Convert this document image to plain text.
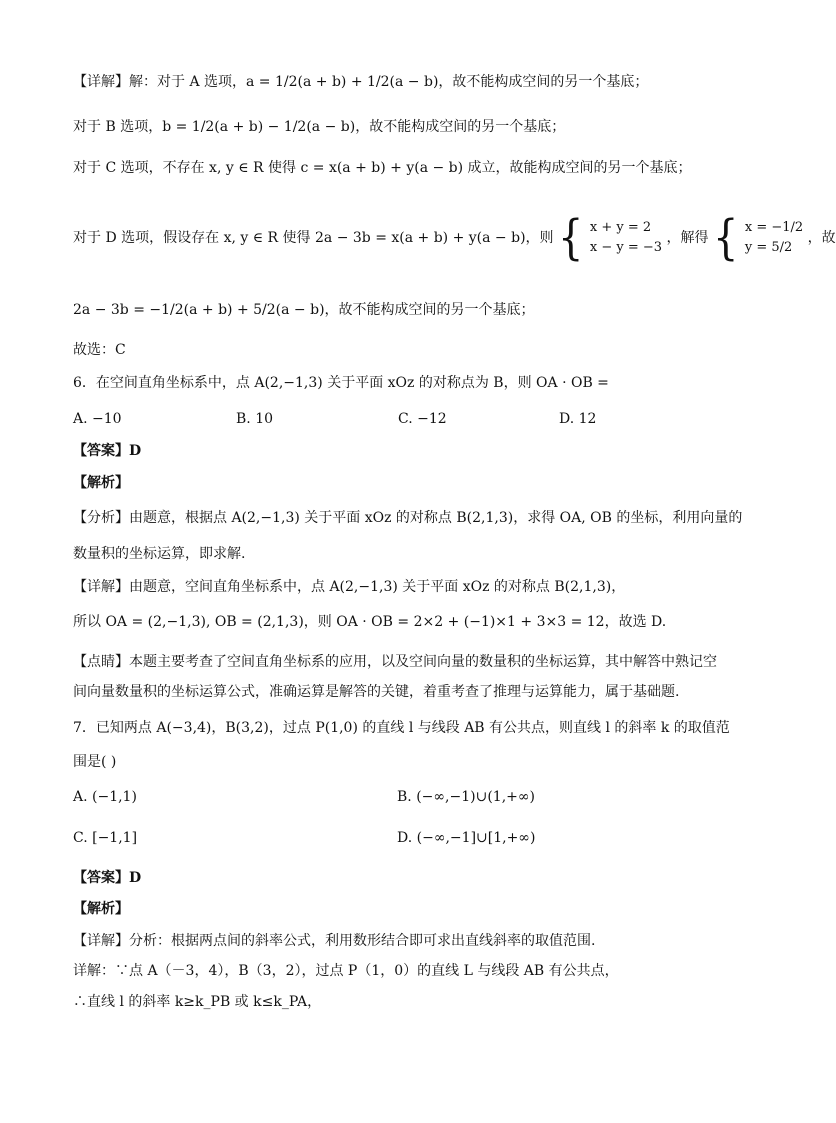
【详解】解：对于 A 选项，a = 1/2(a + b) + 1/2(a − b)，故不能构成空间的另一个基底；
对于 B 选项，b = 1/2(a + b) − 1/2(a − b)，故不能构成空间的另一个基底；
对于 C 选项，不存在 x, y ∈ R 使得 c = x(a + b) + y(a − b) 成立，故能构成空间的另一个基底；
对于 D 选项，假设存在 x, y ∈ R 使得 2a − 3b = x(a + b) + y(a − b)，则 { x + y = 2
x − y = −3
，解得 { x = −1/2
y = 5/2
，故
2a − 3b = −1/2(a + b) + 5/2(a − b)，故不能构成空间的另一个基底；
故选：C
6．在空间直角坐标系中，点 A(2,−1,3) 关于平面 xOz 的对称点为 B，则 OA · OB =
A. −10	B. 10	C. −12	D. 12
【答案】D
【解析】
【分析】由题意，根据点 A(2,−1,3) 关于平面 xOz 的对称点 B(2,1,3)，求得 OA, OB 的坐标，利用向量的
数量积的坐标运算，即求解.
【详解】由题意，空间直角坐标系中，点 A(2,−1,3) 关于平面 xOz 的对称点 B(2,1,3)，
所以 OA = (2,−1,3), OB = (2,1,3)，则 OA · OB = 2×2 + (−1)×1 + 3×3 = 12，故选 D.
【点睛】本题主要考查了空间直角坐标系的应用，以及空间向量的数量积的坐标运算，其中解答中熟记空
间向量数量积的坐标运算公式，准确运算是解答的关键，着重考查了推理与运算能力，属于基础题.
7．已知两点 A(−3,4)，B(3,2)，过点 P(1,0) 的直线 l 与线段 AB 有公共点，则直线 l 的斜率 k 的取值范
围是( )
A. (−1,1)	B. (−∞,−1)∪(1,+∞)
C. [−1,1]	D. (−∞,−1]∪[1,+∞)
【答案】D
【解析】
【详解】分析：根据两点间的斜率公式，利用数形结合即可求出直线斜率的取值范围.
详解：∵点 A（－3，4），B（3，2），过点 P（1，0）的直线 L 与线段 AB 有公共点，
∴直线 l 的斜率 k≥k_PB 或 k≤k_PA，
